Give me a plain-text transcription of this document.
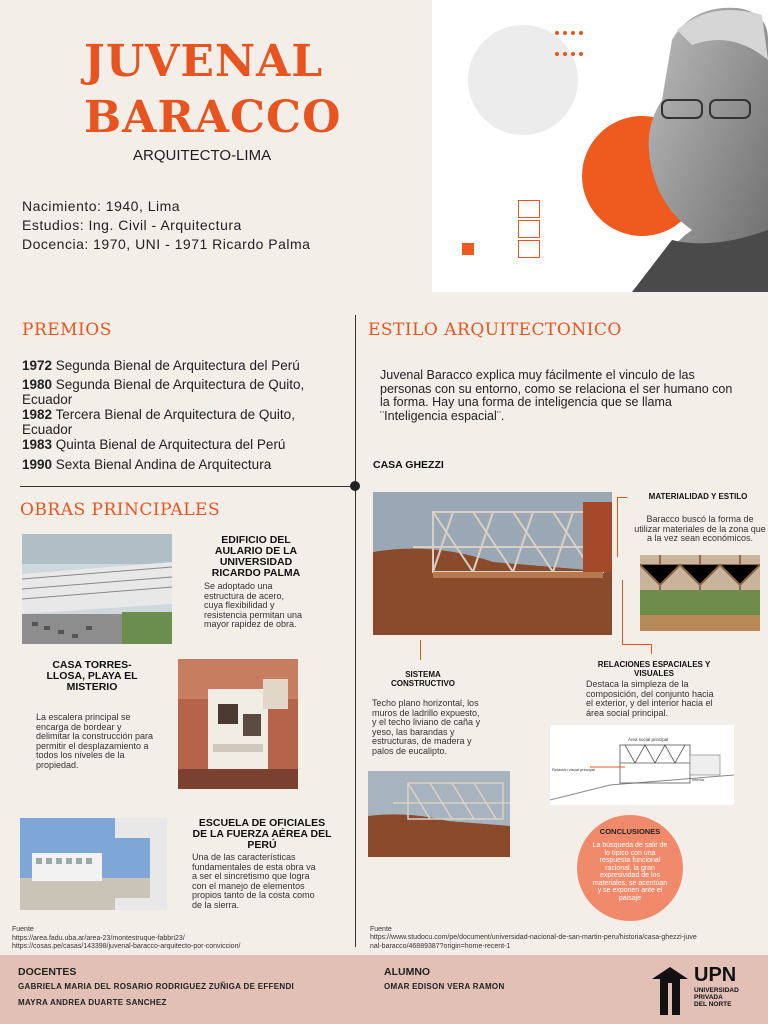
JUVENAL
BARACCO
ARQUITECTO-LIMA
Nacimiento: 1940, Lima
Estudios: Ing. Civil - Arquitectura
Docencia: 1970, UNI - 1971 Ricardo Palma
PREMIOS
1972 Segunda Bienal de Arquitectura del Perú
1980 Segunda Bienal de Arquitectura de Quito, Ecuador
1982 Tercera Bienal de Arquitectura de Quito, Ecuador
1983 Quinta Bienal de Arquitectura del Perú
1990 Sexta Bienal Andina de Arquitectura
OBRAS PRINCIPALES
EDIFICIO DEL AULARIO DE LA UNIVERSIDAD RICARDO PALMA
Se adoptado una estructura de acero, cuya flexibilidad y resistencia permitan una mayor rapidez de obra.
CASA TORRES-LLOSA, PLAYA EL MISTERIO
La escalera principal se encarga de bordear y delimitar la construcción para permitir el desplazamiento a todos los niveles de la propiedad.
ESCUELA DE OFICIALES DE LA FUERZA AÉREA DEL PERÚ
Una de las características fundamentales de esta obra va a ser el sincretismo que logra con el manejo de elementos propios tanto de la costa como de la sierra.
Fuente
https://area.fadu.uba.ar/area-23/montestruque-fabbri23/
https://cosas.pe/casas/143398/juvenal-baracco-arquitecto-por-conviccion/
ESTILO ARQUITECTONICO
Juvenal Baracco explica muy fácilmente el vinculo de las personas con su entorno, como se relaciona el ser humano con la forma. Hay una forma de inteligencia que se llama ¨Inteligencia espacial¨.
CASA GHEZZI
MATERIALIDAD Y ESTILO
Baracco buscó la forma de utilizar materiales de la zona que a la vez sean económicos.
RELACIONES ESPACIALES Y VISUALES
Destaca la simpleza de la composición, del conjunto hacia el exterior, y del interior hacia el área social principal.
SISTEMA CONSTRUCTIVO
Techo plano horizontal, los muros de ladrillo expuesto, y el techo liviano de caña y yeso, las barandas y estructuras, de madera y palos de eucalipto.
Área social principal
Relación visual principal
Interior
CONCLUSIONES
La búsqueda de salir de lo típico con una respuesta funcional racional, la gran expresividad de los materiales, se acentúan y se exponen ante el paisaje
Fuente
https://www.studocu.com/pe/document/universidad-nacional-de-san-martin-peru/historia/casa-ghezzi-juvenal-baracco/46889387?origin=home-recent-1
DOCENTES
GABRIELA MARIA DEL ROSARIO RODRIGUEZ ZUÑIGA DE EFFENDI
MAYRA ANDREA DUARTE SANCHEZ
ALUMNO
OMAR EDISON VERA RAMON
UPN
UNIVERSIDAD
PRIVADA
DEL NORTE
